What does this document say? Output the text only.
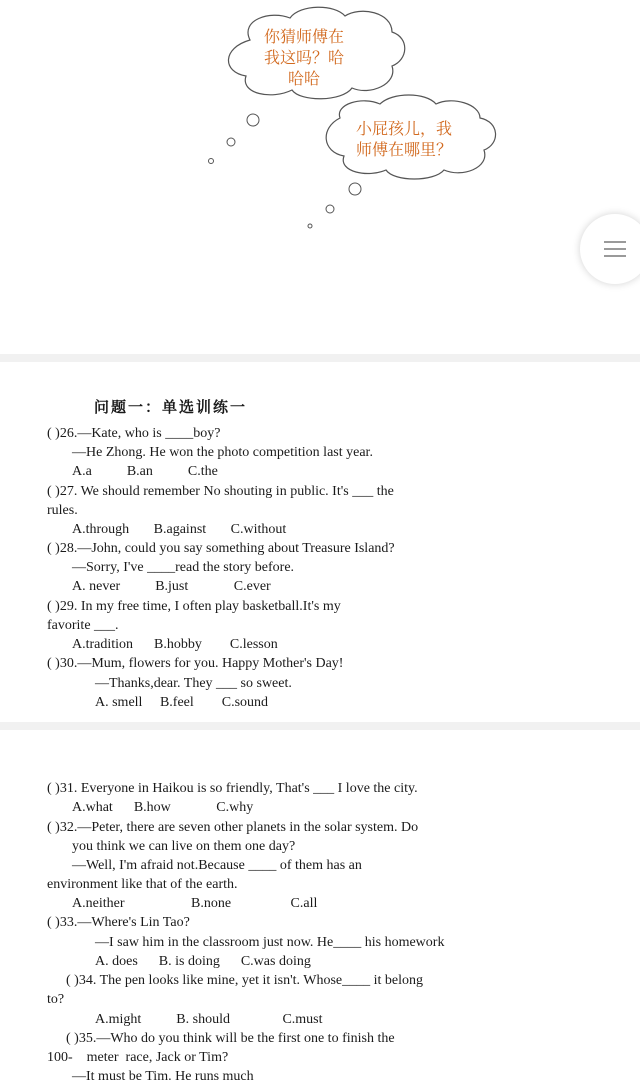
你猜师傅在
我这吗？哈
哈哈
小屁孩儿，我
师傅在哪里？
问题一：单选训练一
( )26.—Kate, who is ____boy?
—He Zhong. He won the photo competition last year.
A.a          B.an          C.the
( )27. We should remember No shouting in public. It's ___ the
rules.
A.through       B.against       C.without
( )28.—John, could you say something about Treasure Island?
—Sorry, I've ____read the story before.
A. never          B.just             C.ever
( )29. In my free time, I often play basketball.It's my
favorite ___.
A.tradition      B.hobby        C.lesson
( )30.—Mum, flowers for you. Happy Mother's Day!
—Thanks,dear. They ___ so sweet.
A. smell     B.feel        C.sound
( )31. Everyone in Haikou is so friendly, That's ___ I love the city.
A.what      B.how             C.why
( )32.—Peter, there are seven other planets in the solar system. Do
you think we can live on them one day?
—Well, I'm afraid not.Because ____ of them has an
environment like that of the earth.
A.neither                   B.none                 C.all
( )33.—Where's Lin Tao?
—I saw him in the classroom just now. He____ his homework
A. does      B. is doing      C.was doing
( )34. The pen looks like mine, yet it isn't. Whose____ it belong
to?
A.might          B. should               C.must
( )35.—Who do you think will be the first one to finish the
100-    meter  race, Jack or Tim?
—It must be Tim. He runs much
